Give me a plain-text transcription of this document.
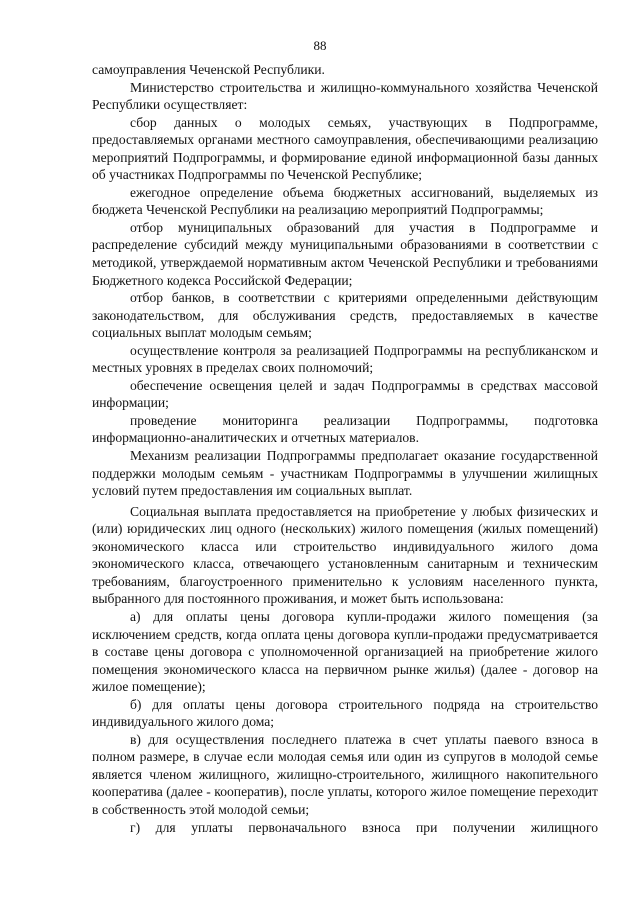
88

самоуправления Чеченской Республики.

Министерство строительства и жилищно-коммунального хозяйства Чеченской Республики осуществляет:

сбор данных о молодых семьях, участвующих в Подпрограмме, предоставляемых органами местного самоуправления, обеспечивающими реализацию мероприятий Подпрограммы, и формирование единой информационной базы данных об участниках Подпрограммы по Чеченской Республике;

ежегодное определение объема бюджетных ассигнований, выделяемых из бюджета Чеченской Республики на реализацию мероприятий Подпрограммы;

отбор муниципальных образований для участия в Подпрограмме и распределение субсидий между муниципальными образованиями в соответствии с методикой, утверждаемой нормативным актом Чеченской Республики и требованиями Бюджетного кодекса Российской Федерации;

отбор банков, в соответствии с критериями определенными действующим законодательством, для обслуживания средств, предоставляемых в качестве социальных выплат молодым семьям;

осуществление контроля за реализацией Подпрограммы на республиканском и местных уровнях в пределах своих полномочий;

обеспечение освещения целей и задач Подпрограммы в средствах массовой информации;

проведение мониторинга реализации Подпрограммы, подготовка информационно-аналитических и отчетных материалов.

Механизм реализации Подпрограммы предполагает оказание государственной поддержки молодым семьям - участникам Подпрограммы в улучшении жилищных условий путем предоставления им социальных выплат.

Социальная выплата предоставляется на приобретение у любых физических и (или) юридических лиц одного (нескольких) жилого помещения (жилых помещений) экономического класса или строительство индивидуального жилого дома экономического класса, отвечающего установленным санитарным и техническим требованиям, благоустроенного применительно к условиям населенного пункта, выбранного для постоянного проживания, и может быть использована:

а) для оплаты цены договора купли-продажи жилого помещения (за исключением средств, когда оплата цены договора купли-продажи предусматривается в составе цены договора с уполномоченной организацией на приобретение жилого помещения экономического класса на первичном рынке жилья) (далее - договор на жилое помещение);

б) для оплаты цены договора строительного подряда на строительство индивидуального жилого дома;

в) для осуществления последнего платежа в счет уплаты паевого взноса в полном размере, в случае если молодая семья или один из супругов в молодой семье является членом жилищного, жилищно-строительного, жилищного накопительного кооператива (далее - кооператив), после уплаты, которого жилое помещение переходит в собственность этой молодой семьи;

г) для уплаты первоначального взноса при получении жилищного
